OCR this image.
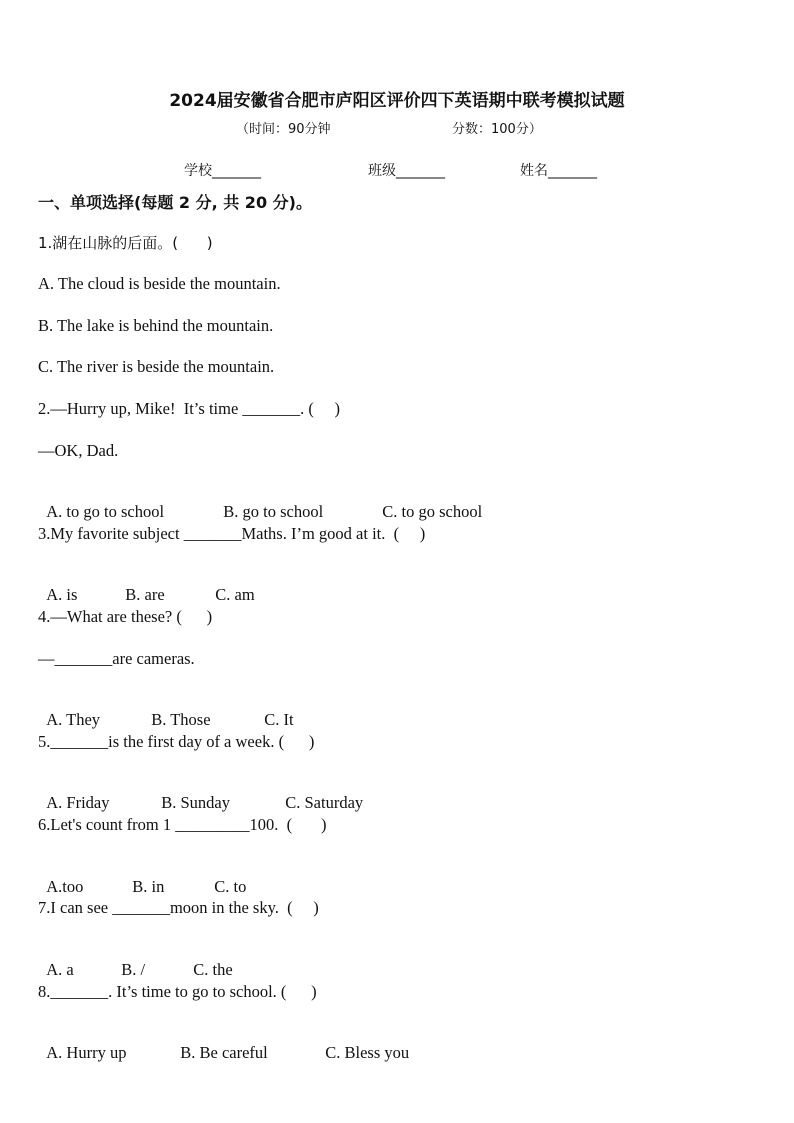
2024届安徽省合肥市庐阳区评价四下英语期中联考模拟试题
（时间：90分钟	分数：100分）
学校_______	班级_______	姓名_______
一、单项选择(每题 2 分, 共 20 分)。
1.湖在山脉的后面。(      )
A. The cloud is beside the mountain.
B. The lake is behind the mountain.
C. The river is beside the mountain.
2.—Hurry up, Mike!  It’s time _______. (     )
—OK, Dad.

A. to go to school	B. go to school	C. to go school

3.My favorite subject _______Maths. I’m good at it.  (     )

A. is	B. are	C. am

4.—What are these? (      )
—_______are cameras.

A. They	B. Those	C. It

5._______is the first day of a week. (      )

A. Friday	B. Sunday	C. Saturday

6.Let's count from 1 _________100.  (       )

A.too	B. in	C. to

7.I can see _______moon in the sky.  (     )

A. a	B. /	C. the

8._______. It’s time to go to school. (      )

A. Hurry up	B. Be careful	C. Bless you
